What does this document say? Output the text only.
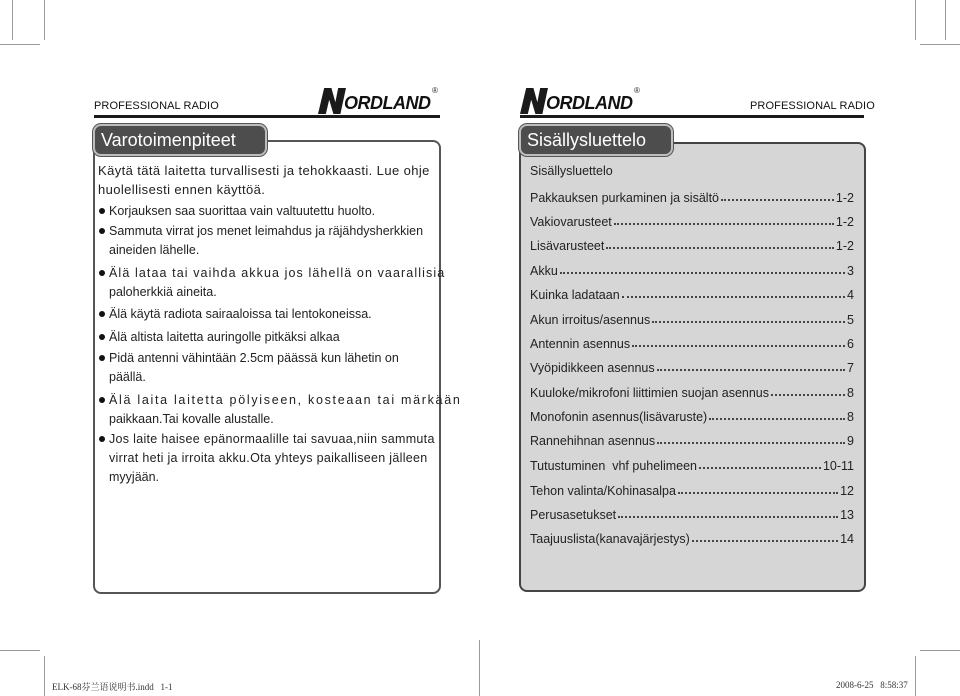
PROFESSIONAL RADIO	ORDLAND
®
Varotoimenpiteet
Käytä tätä laitetta turvallisesti ja tehokkaasti. Lue ohje
huolellisesti ennen käyttöä.
Korjauksen saa suorittaa vain valtuutettu huolto.
Sammuta virrat jos menet leimahdus ja räjähdysherkkien
aineiden lähelle.
Älä lataa tai vaihda akkua jos lähellä on vaarallisia
paloherkkiä aineita.
Älä käytä radiota sairaaloissa tai lentokoneissa.
Älä altista laitetta auringolle pitkäksi alkaa
Pidä antenni vähintään 2.5cm päässä kun lähetin on
päällä.
Älä laita laitetta pölyiseen, kosteaan tai märkään
paikkaan.Tai kovalle alustalle.
Jos laite haisee epänormaalille tai savuaa,niin sammuta
virrat heti ja irroita akku.Ota yhteys paikalliseen jälleen
myyjään.
ORDLAND
®
PROFESSIONAL RADIO
Sisällysluettelo
Sisällysluettelo
Pakkauksen purkaminen ja sisältö	1-2
Vakiovarusteet	1-2
Lisävarusteet	1-2
Akku	3
Kuinka ladataan	4
Akun irroitus/asennus	5
Antennin asennus	6
Vyöpidikkeen asennus	7
Kuuloke/mikrofoni liittimien suojan asennus	8
Monofonin asennus(lisävaruste)	8
Rannehihnan asennus	9
Tutustuminen  vhf puhelimeen	10-11
Tehon valinta/Kohinasalpa	12
Perusasetukset	13
Taajuuslista(kanavajärjestys)	14
ELK-68芬兰语说明书.indd   1-1	2008-6-25   8:58:37
